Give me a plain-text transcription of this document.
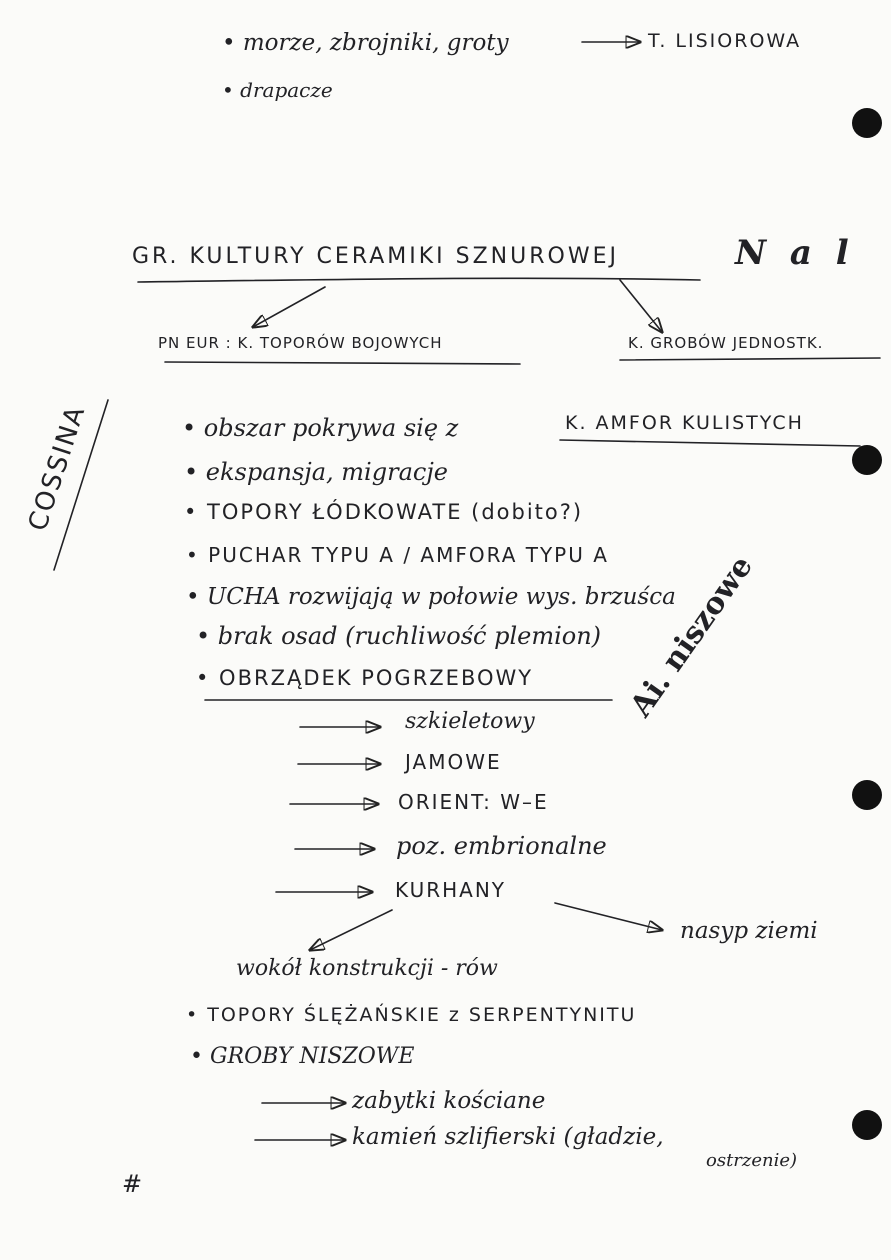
• morze, zbrojniki, groty	T. LISIOROWA
• drapacze
GR. KULTURY CERAMIKI SZNUROWEJ	N a l
PN EUR : K. TOPORÓW BOJOWYCH	K. GROBÓW JEDNOSTK.
COSSINA	• obszar pokrywa się z	K. AMFOR KULISTYCH
• ekspansja, migracje
• TOPORY ŁÓDKOWATE (dobito?)
• PUCHAR TYPU A / AMFORA TYPU A
• UCHA rozwijają w połowie wys. brzuśca
• brak osad (ruchliwość plemion)
• OBRZĄDEK POGRZEBOWY
szkieletowy
JAMOWE
ORIENT: W–E
poz. embrionalne
KURHANY
nasyp ziemi
wokół konstrukcji - rów
• TOPORY ŚLĘŻAŃSKIE z SERPENTYNITU
• GROBY NISZOWE
zabytki kościane
kamień szlifierski (gładzie,
ostrzenie)
Ai. niszowe
#
